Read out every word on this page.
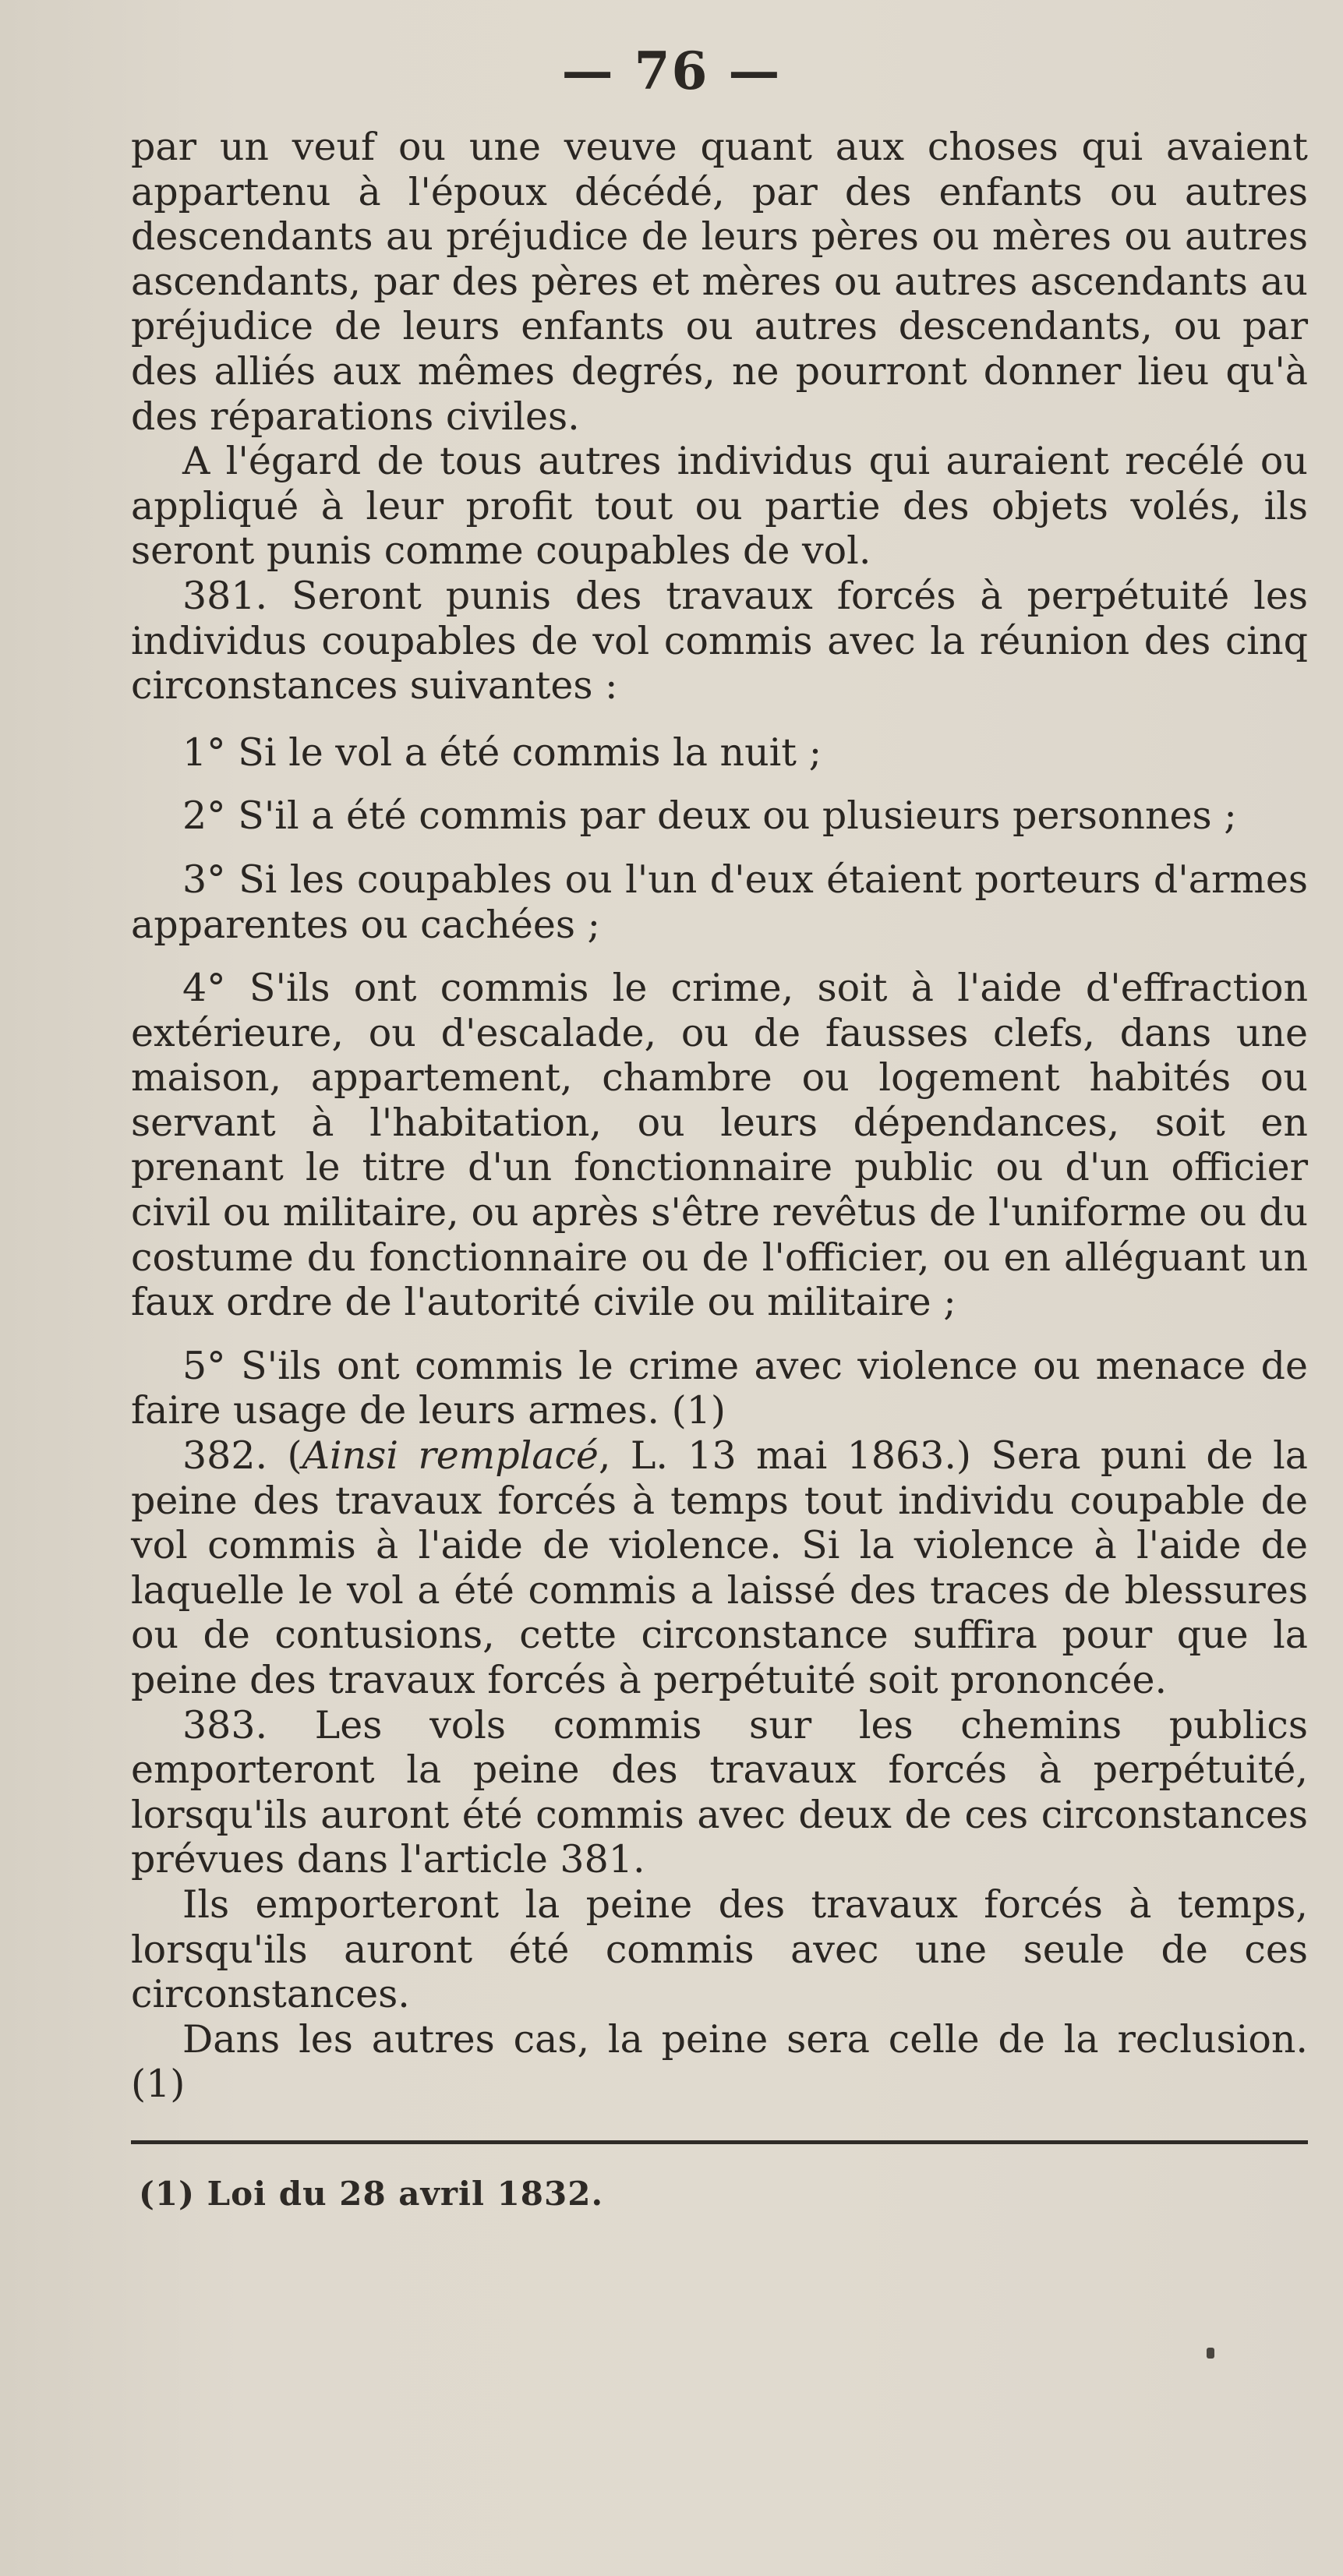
— 76 —

par un veuf ou une veuve quant aux choses qui avaient appartenu à l'époux décédé, par des enfants ou autres descendants au préjudice de leurs pères ou mères ou autres ascendants, par des pères et mères ou autres ascendants au préjudice de leurs enfants ou autres descendants, ou par des alliés aux mêmes degrés, ne pourront donner lieu qu'à des réparations civiles.

A l'égard de tous autres individus qui auraient recélé ou appliqué à leur profit tout ou partie des objets volés, ils seront punis comme coupables de vol.

381. Seront punis des travaux forcés à perpétuité les individus coupables de vol commis avec la réunion des cinq circonstances suivantes :

1° Si le vol a été commis la nuit ;

2° S'il a été commis par deux ou plusieurs personnes ;

3° Si les coupables ou l'un d'eux étaient porteurs d'armes apparentes ou cachées ;

4° S'ils ont commis le crime, soit à l'aide d'effraction extérieure, ou d'escalade, ou de fausses clefs, dans une maison, appartement, chambre ou logement habités ou servant à l'habitation, ou leurs dépendances, soit en prenant le titre d'un fonctionnaire public ou d'un officier civil ou militaire, ou après s'être revêtus de l'uniforme ou du costume du fonctionnaire ou de l'officier, ou en alléguant un faux ordre de l'autorité civile ou militaire ;

5° S'ils ont commis le crime avec violence ou menace de faire usage de leurs armes. (1)

382. (Ainsi remplacé, L. 13 mai 1863.) Sera puni de la peine des travaux forcés à temps tout individu coupable de vol commis à l'aide de violence. Si la violence à l'aide de laquelle le vol a été commis a laissé des traces de blessures ou de contusions, cette circonstance suffira pour que la peine des travaux forcés à perpétuité soit prononcée.

383. Les vols commis sur les chemins publics emporteront la peine des travaux forcés à perpétuité, lorsqu'ils auront été commis avec deux de ces circonstances prévues dans l'article 381.

Ils emporteront la peine des travaux forcés à temps, lorsqu'ils auront été commis avec une seule de ces circonstances.

Dans les autres cas, la peine sera celle de la reclusion. (1)

(1) Loi du 28 avril 1832.
